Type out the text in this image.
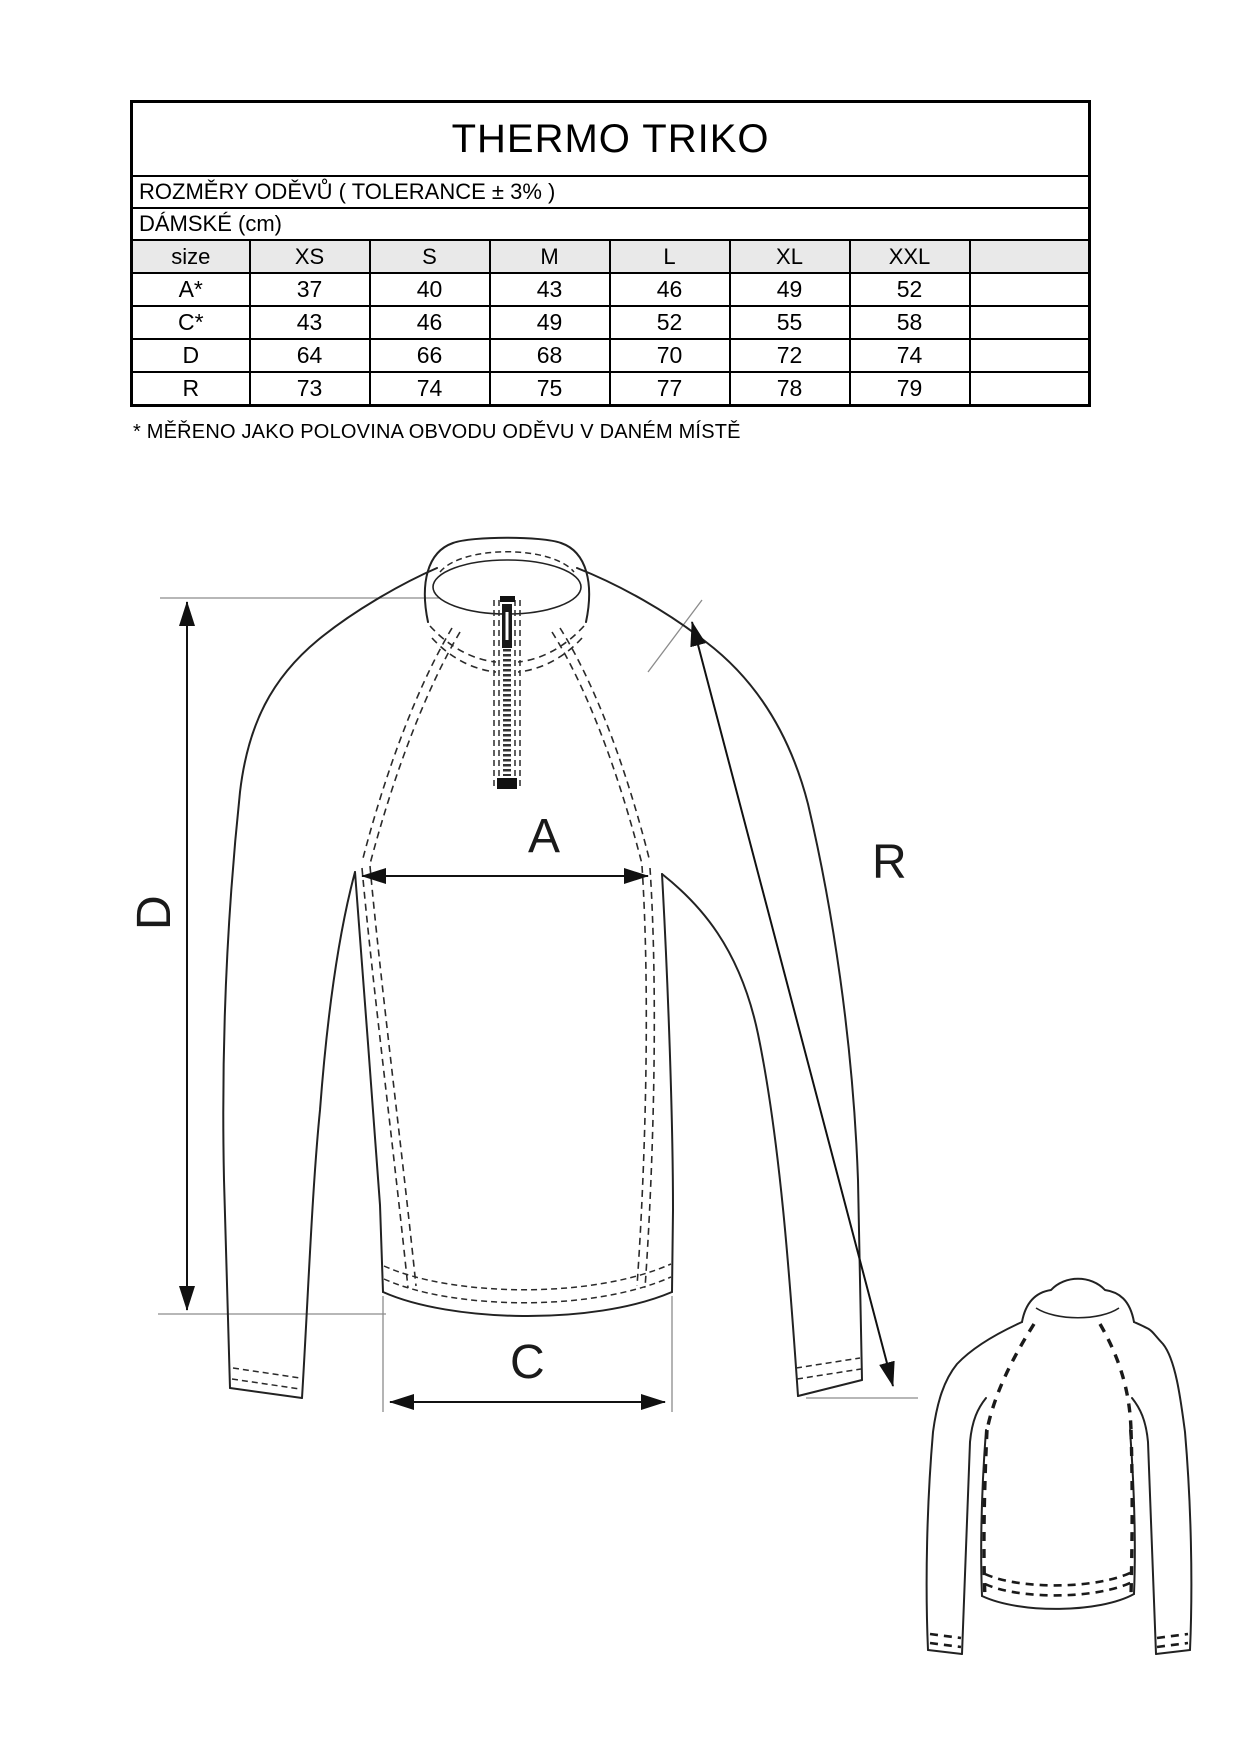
THERMO TRIKO							
ROZMĚRY ODĚVŮ ( TOLERANCE ± 3% )							
DÁMSKÉ (cm)							
size	XS	S	M	L	XL	XXL	
A*	37	40	43	46	49	52	
C*	43	46	49	52	55	58	
D	64	66	68	70	72	74	
R	73	74	75	77	78	79	
* MĚŘENO JAKO POLOVINA OBVODU ODĚVU V DANÉM MÍSTĚ
A
D
C
R
